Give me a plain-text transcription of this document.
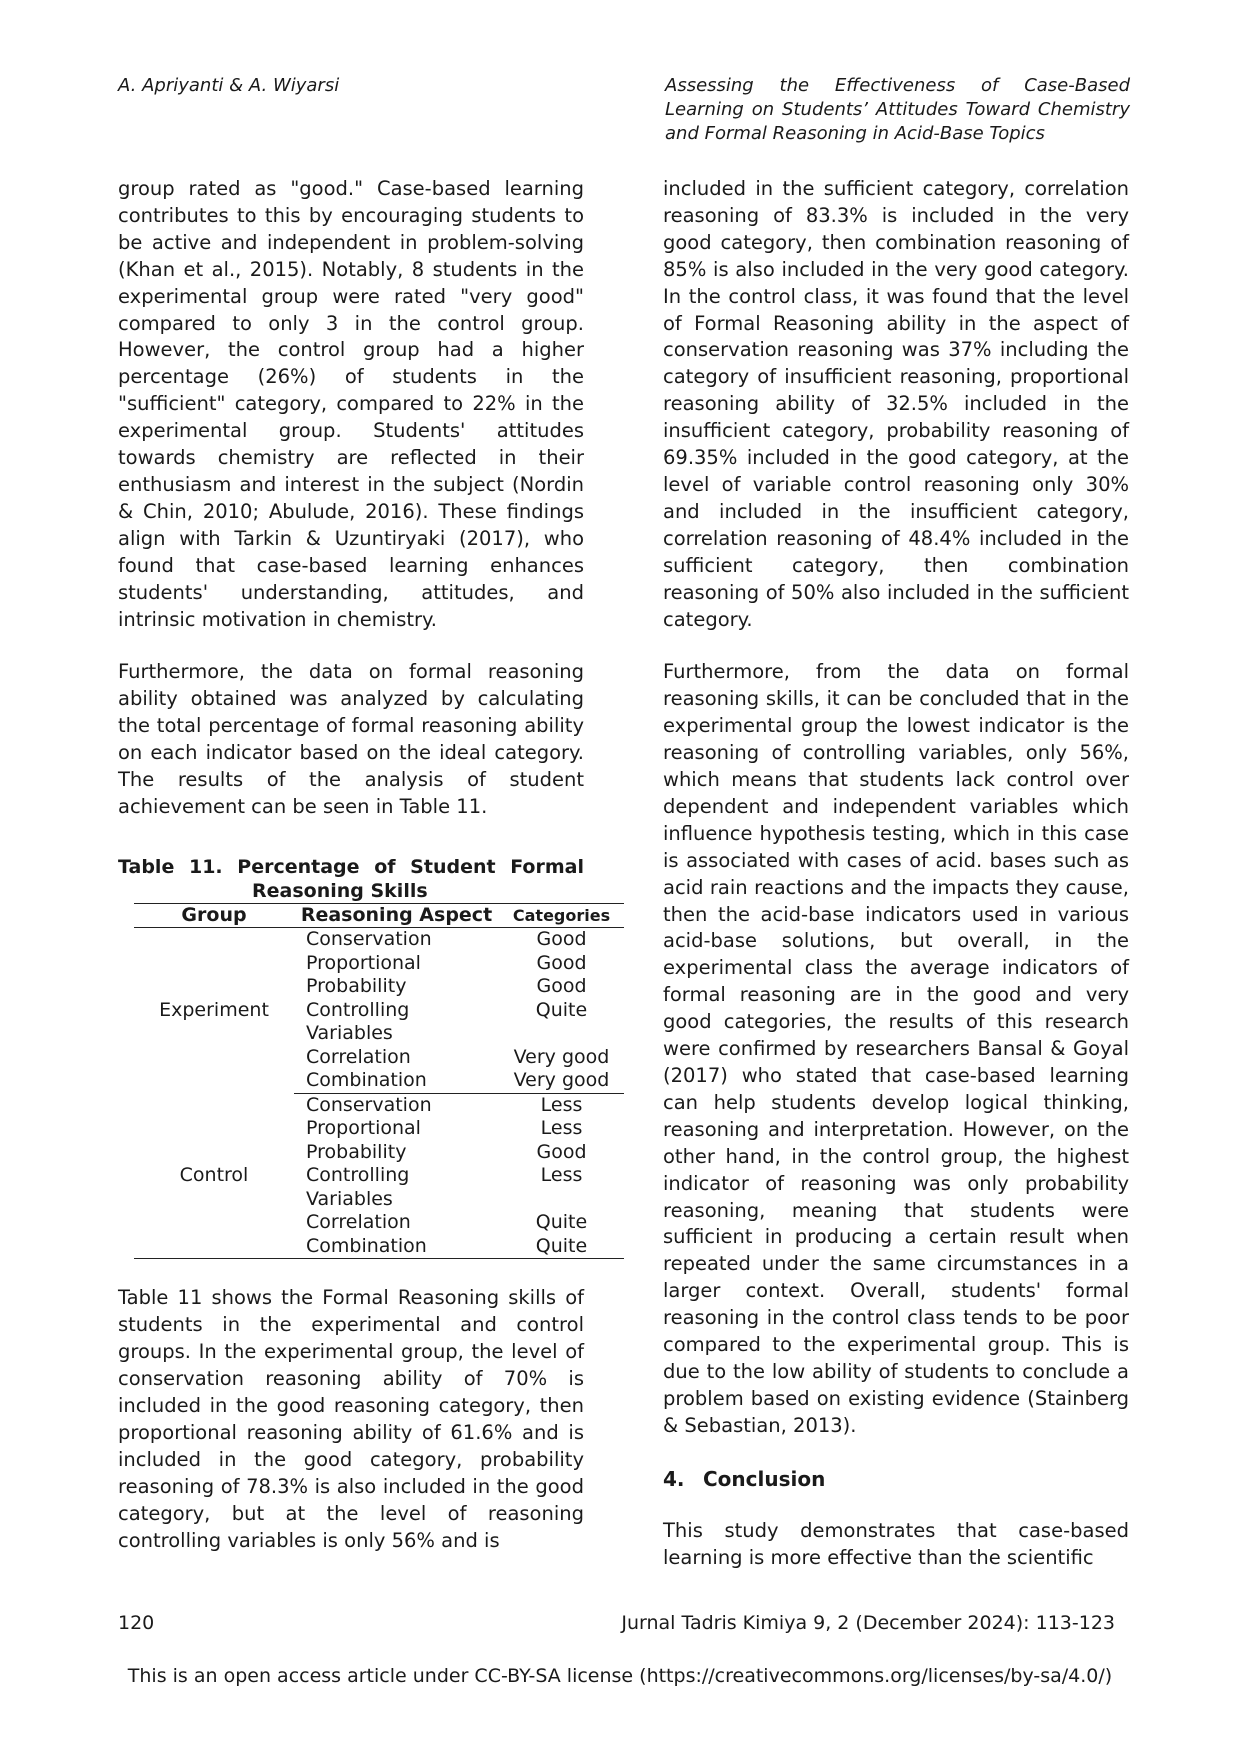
A. Apriyanti & A. Wiyarsi	Assessing the Effectiveness of Case-Based
Learning on Students’ Attitudes Toward Chemistry
and Formal Reasoning in Acid-Base Topics

group rated as "good." Case-based learning contributes to this by encouraging students to be active and independent in problem-solving (Khan et al., 2015). Notably, 8 students in the experimental group were rated "very good" compared to only 3 in the control group. However, the control group had a higher percentage (26%) of students in the "sufficient" category, compared to 22% in the experimental group. Students' attitudes towards chemistry are reflected in their enthusiasm and interest in the subject (Nordin & Chin, 2010; Abulude, 2016). These findings align with Tarkin & Uzuntiryaki (2017), who found that case-based learning enhances students' understanding, attitudes, and intrinsic motivation in chemistry.

Furthermore, the data on formal reasoning ability obtained was analyzed by calculating the total percentage of formal reasoning ability on each indicator based on the ideal category. The results of the analysis of student achievement can be seen in Table 11.

Table 11. Percentage of Student Formal
Reasoning Skills
Group	Reasoning Aspect	Categories
Experiment	Conservation	Good
	Proportional	Good
	Probability	Good
	Controlling Variables	Quite
	Correlation	Very good
	Combination	Very good
Control	Conservation	Less
	Proportional	Less
	Probability	Good
	Controlling Variables	Less
	Correlation	Quite
	Combination	Quite

Table 11 shows the Formal Reasoning skills of students in the experimental and control groups. In the experimental group, the level of conservation reasoning ability of 70% is included in the good reasoning category, then proportional reasoning ability of 61.6% and is included in the good category, probability reasoning of 78.3% is also included in the good category, but at the level of reasoning controlling variables is only 56% and is

included in the sufficient category, correlation reasoning of 83.3% is included in the very good category, then combination reasoning of 85% is also included in the very good category. In the control class, it was found that the level of Formal Reasoning ability in the aspect of conservation reasoning was 37% including the category of insufficient reasoning, proportional reasoning ability of 32.5% included in the insufficient category, probability reasoning of 69.35% included in the good category, at the level of variable control reasoning only 30% and included in the insufficient category, correlation reasoning of 48.4% included in the sufficient category, then combination reasoning of 50% also included in the sufficient category.

Furthermore, from the data on formal reasoning skills, it can be concluded that in the experimental group the lowest indicator is the reasoning of controlling variables, only 56%, which means that students lack control over dependent and independent variables which influence hypothesis testing, which in this case is associated with cases of acid. bases such as acid rain reactions and the impacts they cause, then the acid-base indicators used in various acid-base solutions, but overall, in the experimental class the average indicators of formal reasoning are in the good and very good categories, the results of this research were confirmed by researchers Bansal & Goyal (2017) who stated that case-based learning can help students develop logical thinking, reasoning and interpretation. However, on the other hand, in the control group, the highest indicator of reasoning was only probability reasoning, meaning that students were sufficient in producing a certain result when repeated under the same circumstances in a larger context. Overall, students' formal reasoning in the control class tends to be poor compared to the experimental group. This is due to the low ability of students to conclude a problem based on existing evidence (Stainberg & Sebastian, 2013).

4. Conclusion

This study demonstrates that case-based learning is more effective than the scientific

120	Jurnal Tadris Kimiya 9, 2 (December 2024): 113-123
This is an open access article under CC-BY-SA license (https://creativecommons.org/licenses/by-sa/4.0/)
